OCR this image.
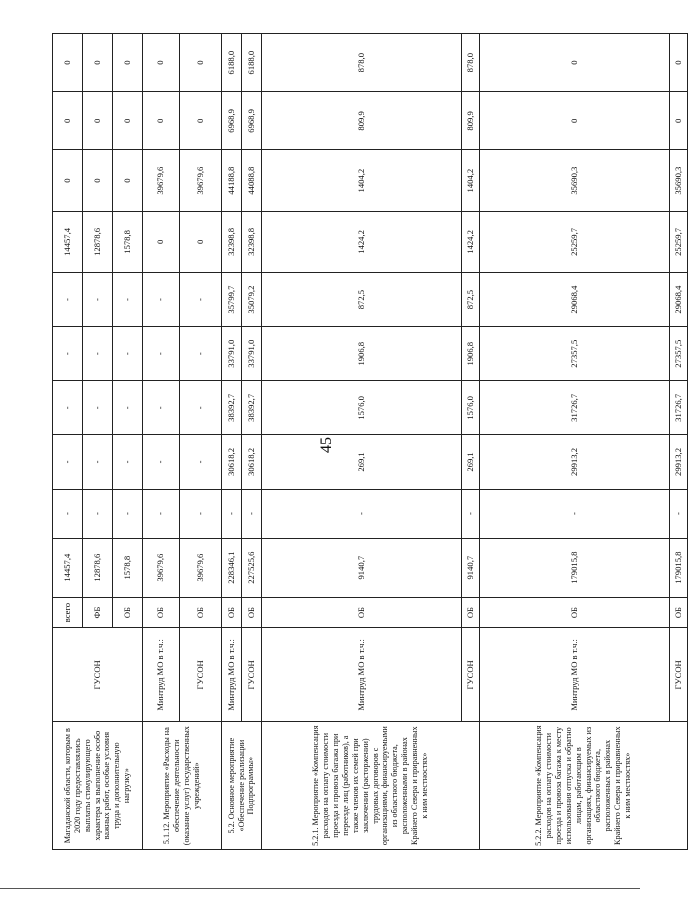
45
Магаданской области, которым в 2020 году предоставлялись выплаты стимулирующего характера за выполнение особо важных работ, особые условия труда и дополнительную нагрузку»	ГУСОН	всего	14457,4	-	-	-	-	-	14457,4	0	0	0
		ФБ	12878,6	-	-	-	-	-	12878,6	0	0	0
		ОБ	1578,8	-	-	-	-	-	1578,8	0	0	0
5.1.12. Мероприятие «Расходы на обеспечение деятельности (оказание услуг) государственных учреждений»	Минтруд МО в т.ч.:	ОБ	39679,6	-	-	-	-	-	0	39679,6	0	0
	ГУСОН	ОБ	39679,6	-	-	-	-	-	0	39679,6	0	0
5.2. Основное мероприятие «Обеспечение реализации Подпрограммы»	Минтруд МО в т.ч.:	ОБ	228346,1	-	30618,2	38392,7	33791,0	35799,7	32398,8	44188,8	6968,9	6188,0
	ГУСОН	ОБ	227525,6	-	30618,2	38392,7	33791,0	35079,2	32398,8	44088,8	6968,9	6188,0
5.2.1. Мероприятие «Компенсация расходов на оплату стоимости проезда и провоза багажа при переезде лиц (работников), а также членов их семей при заключении (расторжении) трудовых договоров с организациями, финансируемыми из областного бюджета, расположенными в районах Крайнего Севера и приравненных к ним местностях»	Минтруд МО в т.ч.:	ОБ	9140,7	-	269,1	1576,0	1906,8	872,5	1424,2	1404,2	809,9	878,0
	ГУСОН	ОБ	9140,7	-	269,1	1576,0	1906,8	872,5	1424,2	1404,2	809,9	878,0
5.2.2. Мероприятие «Компенсация расходов на оплату стоимости проезда и провоза багажа к месту использования отпуска и обратно лицам, работающим в организациях, финансируемых из областного бюджета, расположенных в районах Крайнего Севера и приравненных к ним местностях»	Минтруд МО в т.ч.:	ОБ	179015,8	-	29913,2	31726,7	27357,5	29068,4	25259,7	35690,3	0	0
	ГУСОН	ОБ	179015,8	-	29913,2	31726,7	27357,5	29068,4	25259,7	35690,3	0	0
